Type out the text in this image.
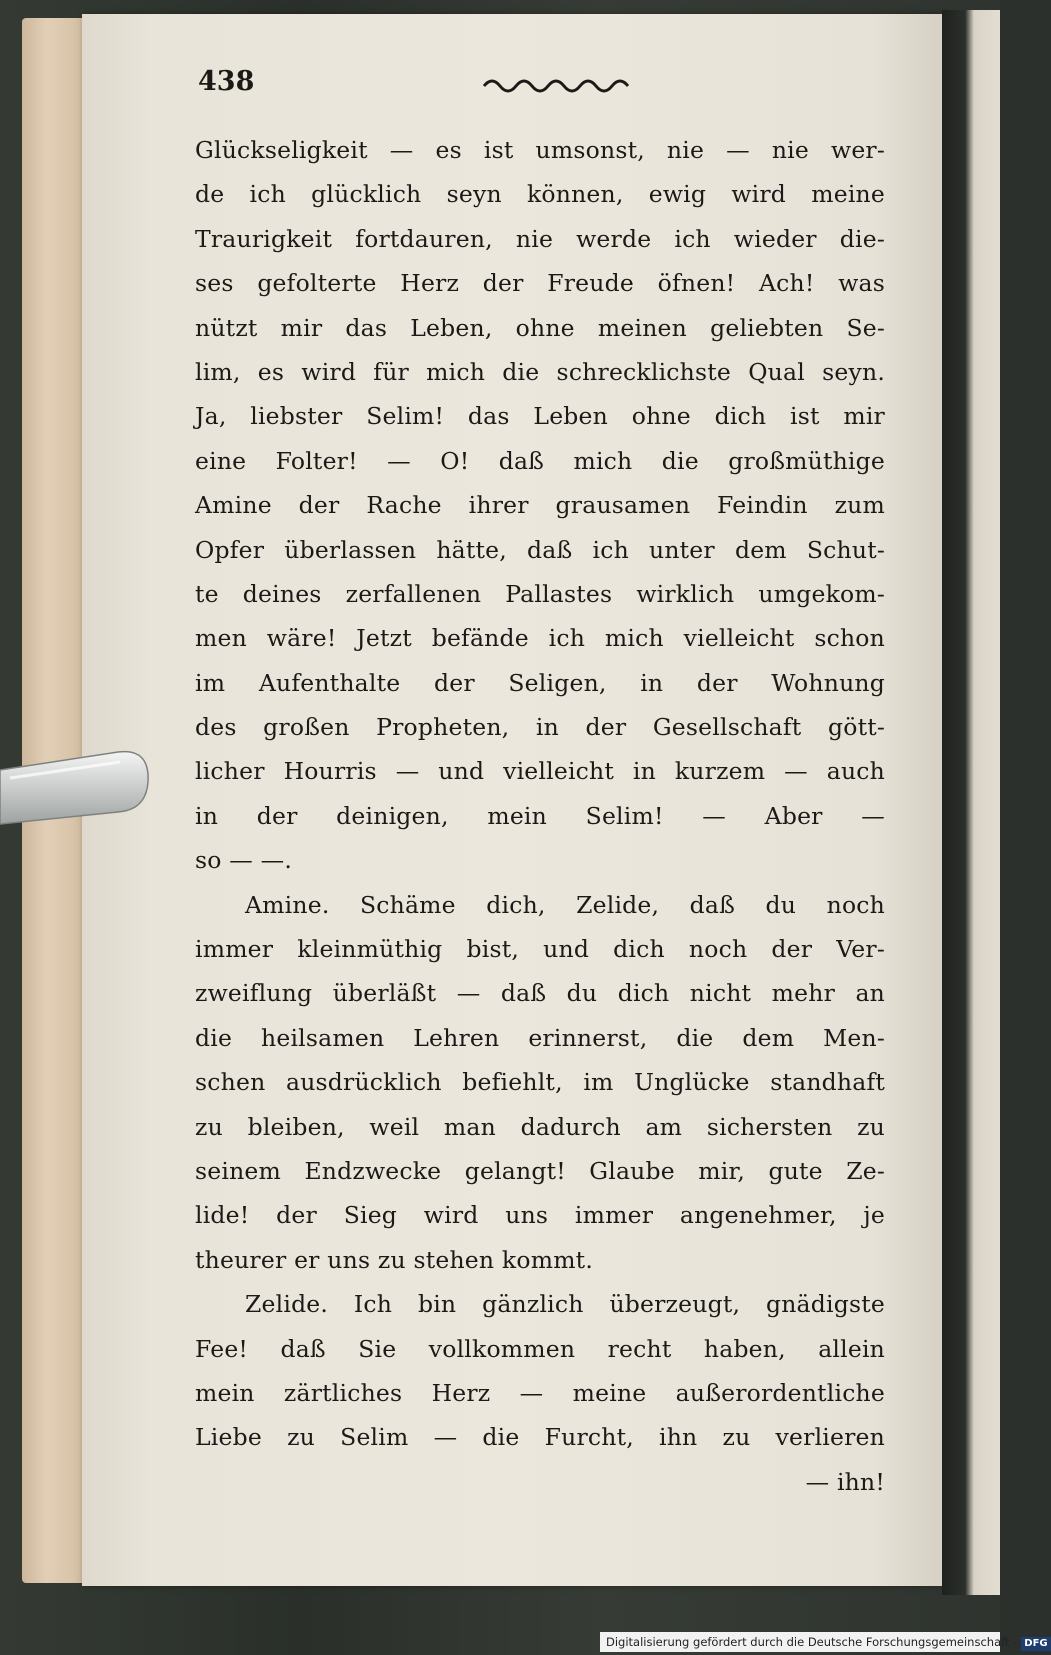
438
Glückseligkeit — es ist umsonst, nie — nie wer-
de ich glücklich seyn können, ewig wird meine
Traurigkeit fortdauren, nie werde ich wieder die-
ses gefolterte Herz der Freude öfnen! Ach! was
nützt mir das Leben, ohne meinen geliebten Se-
lim, es wird für mich die schrecklichste Qual seyn.
Ja, liebster Selim! das Leben ohne dich ist mir
eine Folter! — O! daß mich die großmüthige
Amine der Rache ihrer grausamen Feindin zum
Opfer überlassen hätte, daß ich unter dem Schut-
te deines zerfallenen Pallastes wirklich umgekom-
men wäre! Jetzt befände ich mich vielleicht schon
im Aufenthalte der Seligen, in der Wohnung
des großen Propheten, in der Gesellschaft gött-
licher Hourris — und vielleicht in kurzem — auch
in der deinigen, mein Selim! — Aber —
so — —.
Amine. Schäme dich, Zelide, daß du noch
immer kleinmüthig bist, und dich noch der Ver-
zweiflung überläßt — daß du dich nicht mehr an
die heilsamen Lehren erinnerst, die dem Men-
schen ausdrücklich befiehlt, im Unglücke standhaft
zu bleiben, weil man dadurch am sichersten zu
seinem Endzwecke gelangt! Glaube mir, gute Ze-
lide! der Sieg wird uns immer angenehmer, je
theurer er uns zu stehen kommt.
Zelide. Ich bin gänzlich überzeugt, gnädigste
Fee! daß Sie vollkommen recht haben, allein
mein zärtliches Herz — meine außerordentliche
Liebe zu Selim — die Furcht, ihn zu verlieren
— ihn!
Digitalisierung gefördert durch die Deutsche Forschungsgemeinschaft - DFG
